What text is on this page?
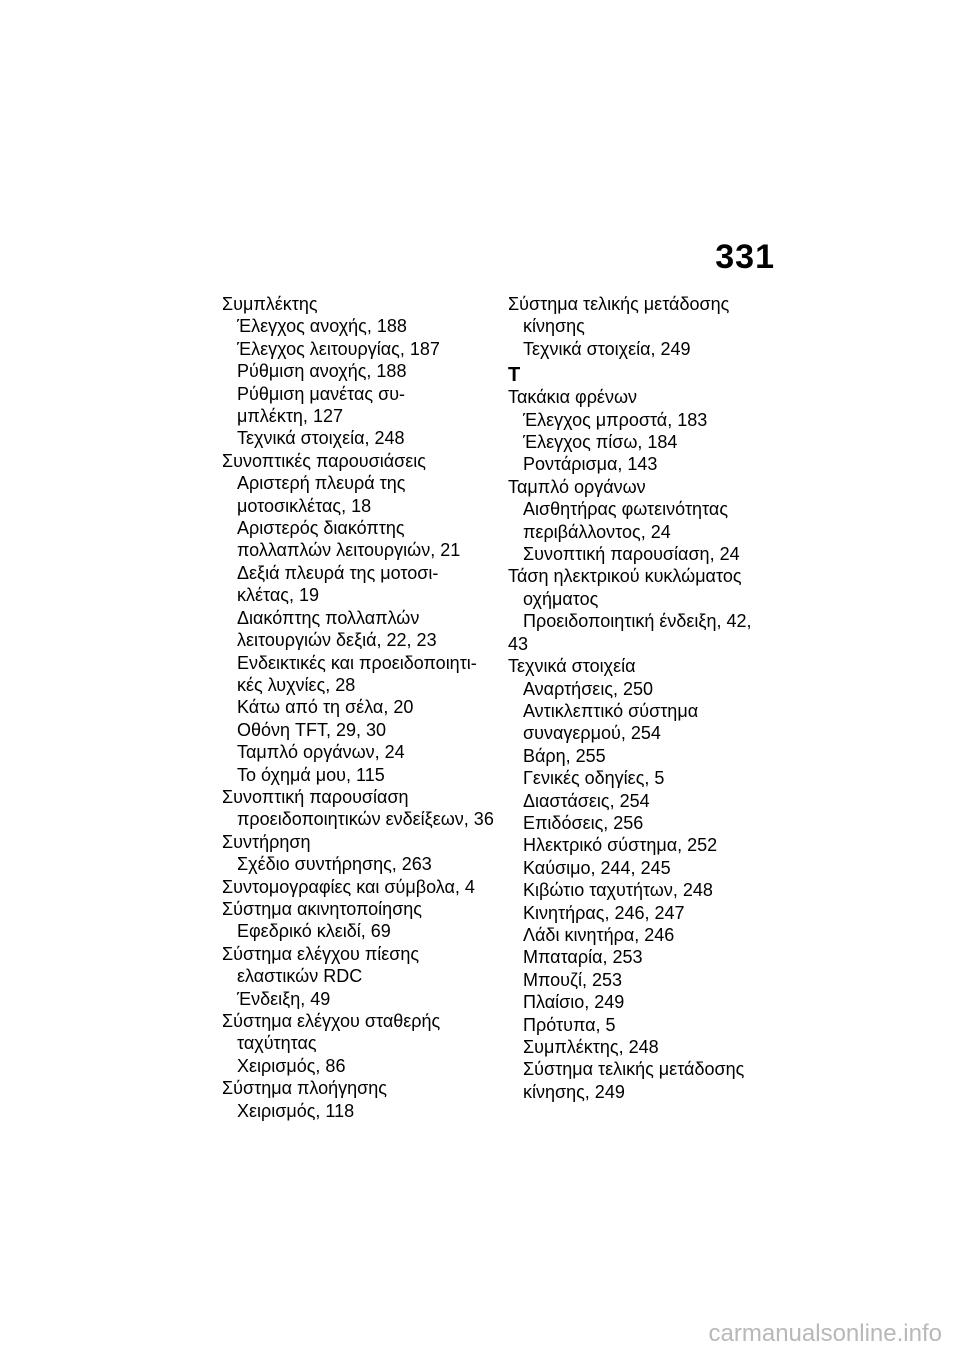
331
Συμπλέκτης
Έλεγχος ανοχής, 188
Έλεγχος λειτουργίας, 187
Ρύθμιση ανοχής, 188
Ρύθμιση μανέτας συ-
μπλέκτη, 127
Τεχνικά στοιχεία, 248
Συνοπτικές παρουσιάσεις
Αριστερή πλευρά της
μοτοσικλέτας, 18
Αριστερός διακόπτης
πολλαπλών λειτουργιών, 21
Δεξιά πλευρά της μοτοσι-
κλέτας, 19
Διακόπτης πολλαπλών
λειτουργιών δεξιά, 22, 23
Ενδεικτικές και προειδοποιητι-
κές λυχνίες, 28
Κάτω από τη σέλα, 20
Οθόνη TFT, 29, 30
Ταμπλό οργάνων, 24
Το όχημά μου, 115
Συνοπτική παρουσίαση
προειδοποιητικών ενδείξεων, 36
Συντήρηση
Σχέδιο συντήρησης, 263
Συντομογραφίες και σύμβολα, 4
Σύστημα ακινητοποίησης
Εφεδρικό κλειδί, 69
Σύστημα ελέγχου πίεσης
ελαστικών RDC
Ένδειξη, 49
Σύστημα ελέγχου σταθερής
ταχύτητας
Χειρισμός, 86
Σύστημα πλοήγησης
Χειρισμός, 118
Σύστημα τελικής μετάδοσης
κίνησης
Τεχνικά στοιχεία, 249
T
Τακάκια φρένων
Έλεγχος μπροστά, 183
Έλεγχος πίσω, 184
Ροντάρισμα, 143
Ταμπλό οργάνων
Αισθητήρας φωτεινότητας
περιβάλλοντος, 24
Συνοπτική παρουσίαση, 24
Τάση ηλεκτρικού κυκλώματος
οχήματος
Προειδοποιητική ένδειξη, 42,
43
Τεχνικά στοιχεία
Αναρτήσεις, 250
Αντικλεπτικό σύστημα
συναγερμού, 254
Βάρη, 255
Γενικές οδηγίες, 5
Διαστάσεις, 254
Επιδόσεις, 256
Ηλεκτρικό σύστημα, 252
Καύσιμο, 244, 245
Κιβώτιο ταχυτήτων, 248
Κινητήρας, 246, 247
Λάδι κινητήρα, 246
Μπαταρία, 253
Μπουζί, 253
Πλαίσιο, 249
Πρότυπα, 5
Συμπλέκτης, 248
Σύστημα τελικής μετάδοσης
κίνησης, 249
carmanualsonline.info
